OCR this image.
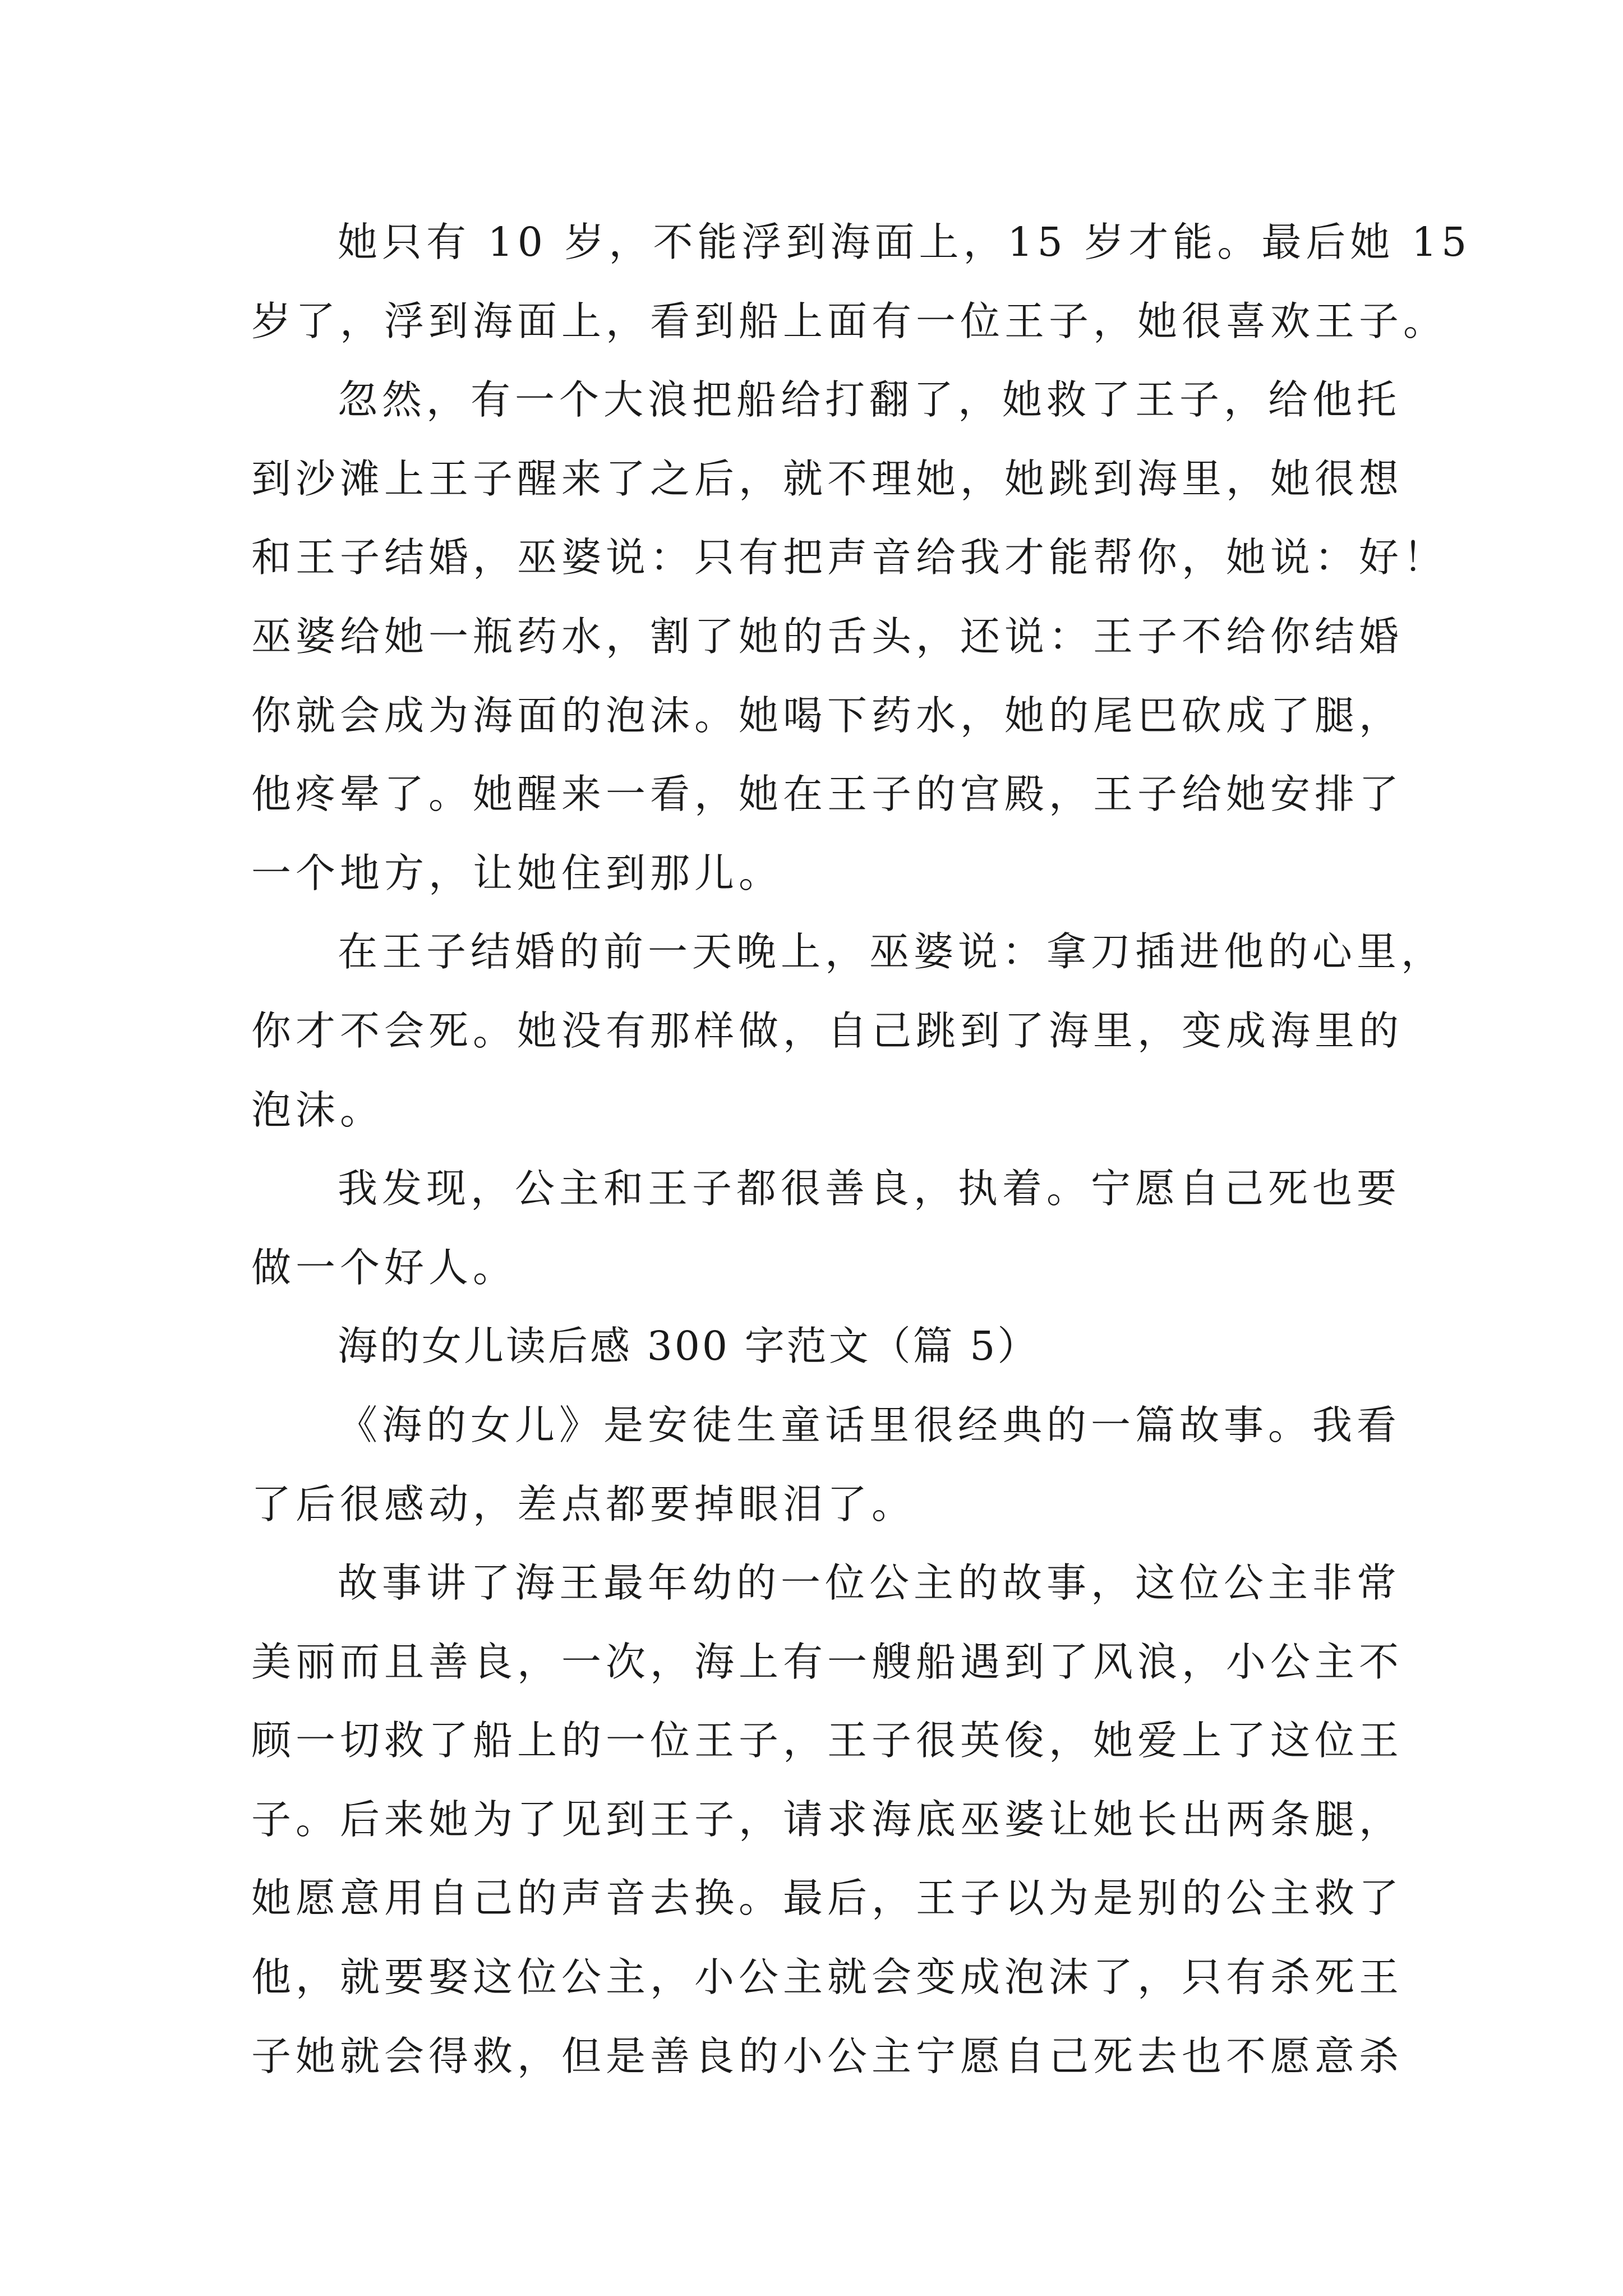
她只有 10 岁，不能浮到海面上，15 岁才能。最后她 15
岁了，浮到海面上，看到船上面有一位王子，她很喜欢王子。
忽然，有一个大浪把船给打翻了，她救了王子，给他托
到沙滩上王子醒来了之后，就不理她，她跳到海里，她很想
和王子结婚，巫婆说：只有把声音给我才能帮你，她说：好！
巫婆给她一瓶药水，割了她的舌头，还说：王子不给你结婚
你就会成为海面的泡沫。她喝下药水，她的尾巴砍成了腿，
他疼晕了。她醒来一看，她在王子的宫殿，王子给她安排了
一个地方，让她住到那儿。
在王子结婚的前一天晚上，巫婆说：拿刀插进他的心里，
你才不会死。她没有那样做，自己跳到了海里，变成海里的
泡沫。
我发现，公主和王子都很善良，执着。宁愿自己死也要
做一个好人。
海的女儿读后感 300 字范文（篇 5）
《海的女儿》是安徒生童话里很经典的一篇故事。我看
了后很感动，差点都要掉眼泪了。
故事讲了海王最年幼的一位公主的故事，这位公主非常
美丽而且善良，一次，海上有一艘船遇到了风浪，小公主不
顾一切救了船上的一位王子，王子很英俊，她爱上了这位王
子。后来她为了见到王子，请求海底巫婆让她长出两条腿，
她愿意用自己的声音去换。最后，王子以为是别的公主救了
他，就要娶这位公主，小公主就会变成泡沫了，只有杀死王
子她就会得救，但是善良的小公主宁愿自己死去也不愿意杀
